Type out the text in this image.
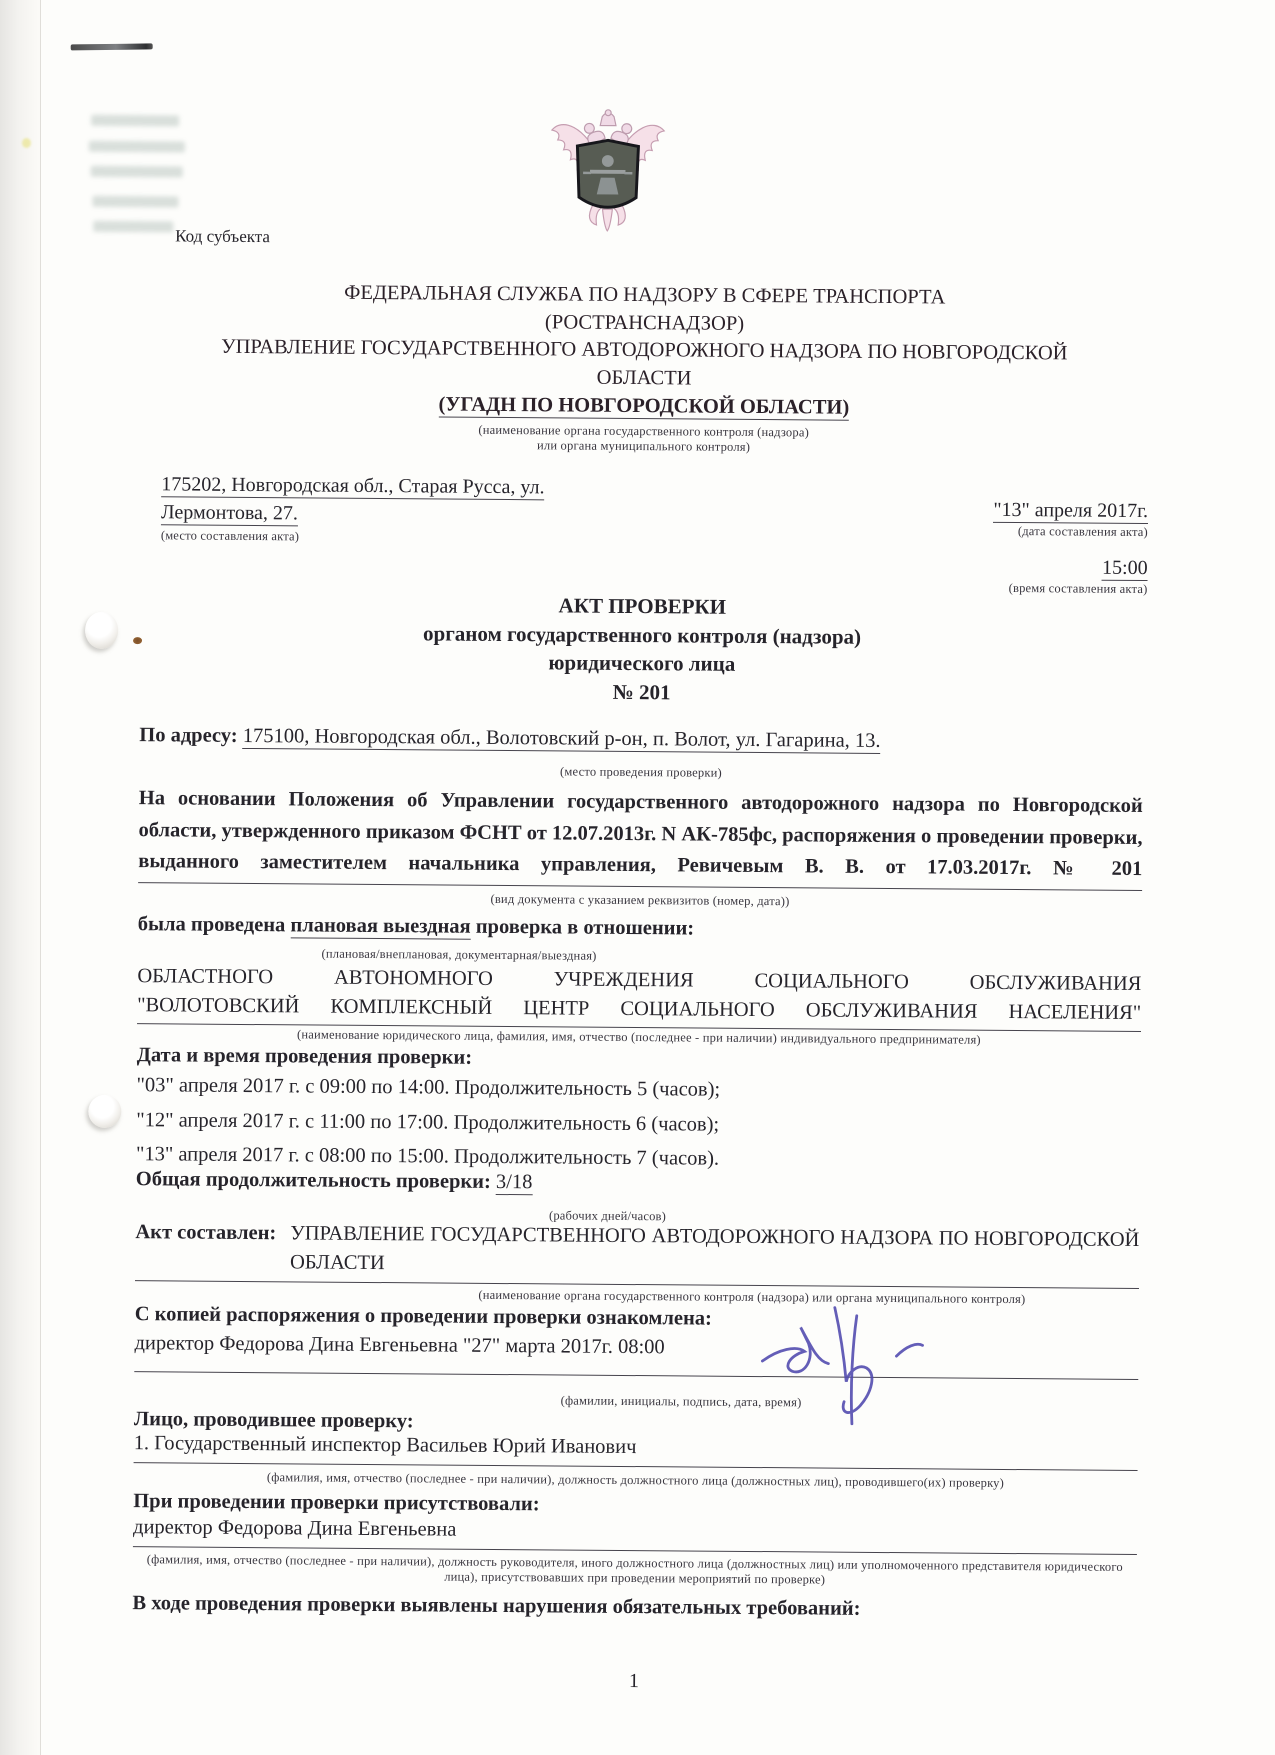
Код субъекта
ФЕДЕРАЛЬНАЯ СЛУЖБА ПО НАДЗОРУ В СФЕРЕ ТРАНСПОРТА
(РОСТРАНСНАДЗОР)
УПРАВЛЕНИЕ ГОСУДАРСТВЕННОГО АВТОДОРОЖНОГО НАДЗОРА ПО НОВГОРОДСКОЙ
ОБЛАСТИ
(УГАДН ПО НОВГОРОДСКОЙ ОБЛАСТИ)
(наименование органа государственного контроля (надзора)
или органа муниципального контроля)
175202, Новгородская обл., Старая Русса, ул.
Лермонтова, 27.
(место составления акта)
"13" апреля 2017г.
(дата составления акта)
15:00
(время составления акта)
АКТ ПРОВЕРКИ
органом государственного контроля (надзора)
юридического лица
№ 201
По адресу: 175100, Новгородская обл., Волотовский р-он, п. Волот, ул. Гагарина, 13.
(место проведения проверки)
На основании Положения об Управлении государственного автодорожного надзора по Новгородской области, утвержденного приказом ФСНТ от 12.07.2013г. N АК-785фс, распоряжения о проведении проверки, выданного заместителем начальника управления, Ревичевым В. В. от 17.03.2017г. № 201
(вид документа с указанием реквизитов (номер, дата))
была проведена плановая выездная проверка в отношении:
(плановая/внеплановая, документарная/выездная)
ОБЛАСТНОГО АВТОНОМНОГО УЧРЕЖДЕНИЯ СОЦИАЛЬНОГО ОБСЛУЖИВАНИЯ
"ВОЛОТОВСКИЙ КОМПЛЕКСНЫЙ ЦЕНТР СОЦИАЛЬНОГО ОБСЛУЖИВАНИЯ НАСЕЛЕНИЯ"
(наименование юридического лица, фамилия, имя, отчество (последнее - при наличии) индивидуального предпринимателя)
Дата и время проведения проверки:
"03" апреля 2017 г. с 09:00 по 14:00. Продолжительность 5 (часов);
"12" апреля 2017 г. с 11:00 по 17:00. Продолжительность 6 (часов);
"13" апреля 2017 г. с 08:00 по 15:00. Продолжительность 7 (часов).
Общая продолжительность проверки: 3/18
(рабочих дней/часов)
Акт составлен: УПРАВЛЕНИЕ ГОСУДАРСТВЕННОГО АВТОДОРОЖНОГО НАДЗОРА ПО НОВГОРОДСКОЙ ОБЛАСТИ
(наименование органа государственного контроля (надзора) или органа муниципального контроля)
С копией распоряжения о проведении проверки ознакомлена:
директор Федорова Дина Евгеньевна "27" марта 2017г. 08:00
(фамилии, инициалы, подпись, дата, время)
Лицо, проводившее проверку:
1. Государственный инспектор Васильев Юрий Иванович
(фамилия, имя, отчество (последнее - при наличии), должность должностного лица (должностных лиц), проводившего(их) проверку)
При проведении проверки присутствовали:
директор Федорова Дина Евгеньевна
(фамилия, имя, отчество (последнее - при наличии), должность руководителя, иного должностного лица (должностных лиц) или уполномоченного представителя юридического лица), присутствовавших при проведении мероприятий по проверке)
В ходе проведения проверки выявлены нарушения обязательных требований:
1
